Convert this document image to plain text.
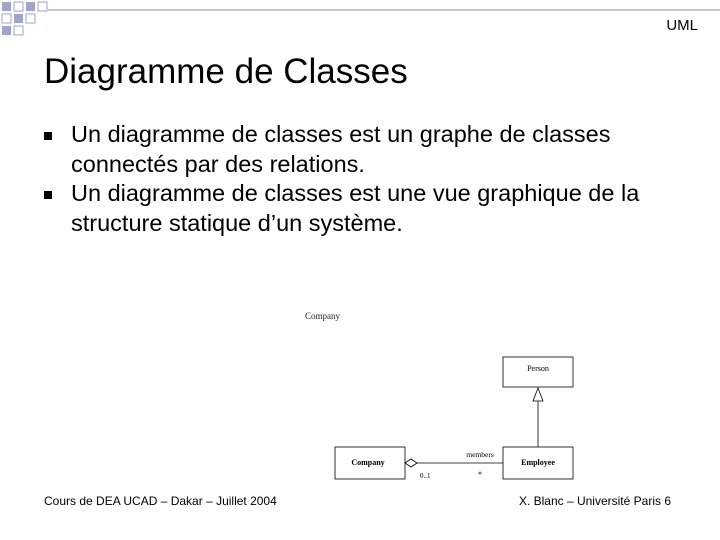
UML
Diagramme de Classes
Un diagramme de classes est un graphe de classes connectés par des relations.
Un diagramme de classes est une vue graphique de la structure statique d’un système.
Company
Person
Company	Employee
members
0..1	*
Cours de DEA UCAD – Dakar – Juillet 2004	X. Blanc – Université Paris 6
